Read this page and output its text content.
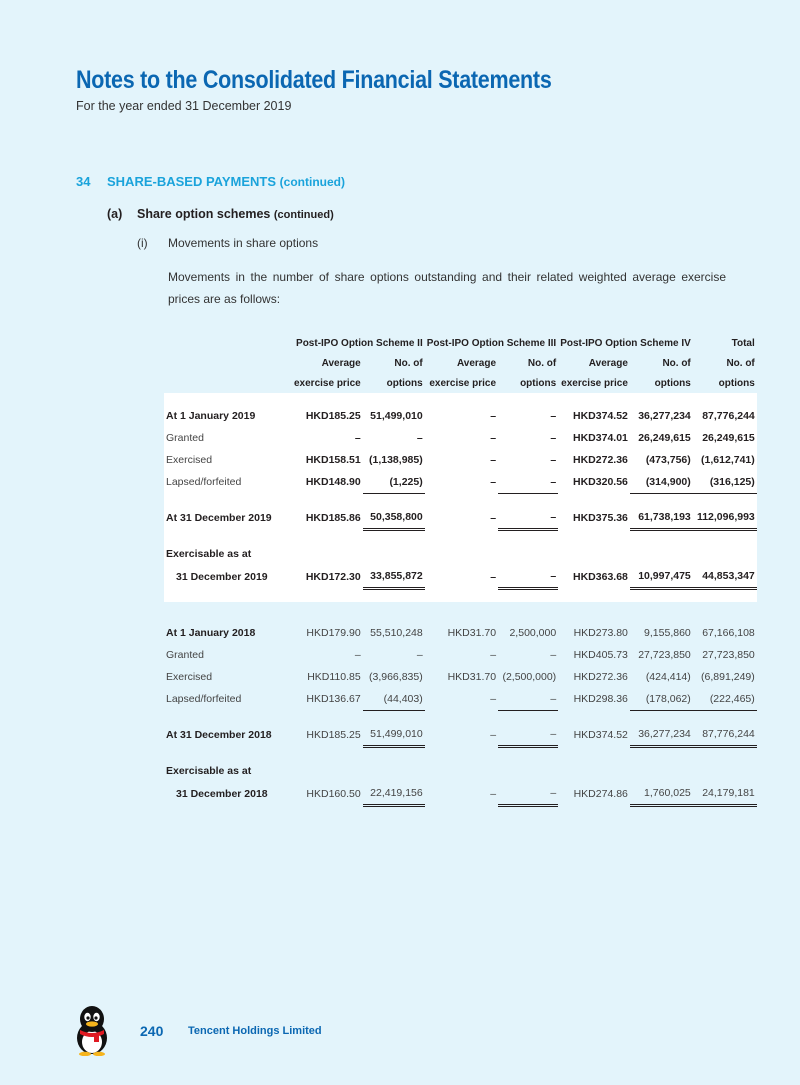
Notes to the Consolidated Financial Statements
For the year ended 31 December 2019
34 SHARE-BASED PAYMENTS (continued)
(a) Share option schemes (continued)
(i) Movements in share options
Movements in the number of share options outstanding and their related weighted average exercise prices are as follows:
	Post-IPO Option Scheme II		Post-IPO Option Scheme III		Post-IPO Option Scheme IV		Total
	Average	No. of	Average	No. of	Average	No. of	No. of
	exercise price	options	exercise price	options	exercise price	options	options

At 1 January 2019	HKD185.25	51,499,010	–	–	HKD374.52	36,277,234	87,776,244
Granted	–	–	–	–	HKD374.01	26,249,615	26,249,615
Exercised	HKD158.51	(1,138,985)	–	–	HKD272.36	(473,756)	(1,612,741)
Lapsed/forfeited	HKD148.90	(1,225)	–	–	HKD320.56	(314,900)	(316,125)

At 31 December 2019	HKD185.86	50,358,800	–	–	HKD375.36	61,738,193	112,096,993

Exercisable as at							
31 December 2019	HKD172.30	33,855,872	–	–	HKD363.68	10,997,475	44,853,347

At 1 January 2018	HKD179.90	55,510,248	HKD31.70	2,500,000	HKD273.80	9,155,860	67,166,108
Granted	–	–	–	–	HKD405.73	27,723,850	27,723,850
Exercised	HKD110.85	(3,966,835)	HKD31.70	(2,500,000)	HKD272.36	(424,414)	(6,891,249)
Lapsed/forfeited	HKD136.67	(44,403)	–	–	HKD298.36	(178,062)	(222,465)

At 31 December 2018	HKD185.25	51,499,010	–	–	HKD374.52	36,277,234	87,776,244

Exercisable as at							
31 December 2018	HKD160.50	22,419,156	–	–	HKD274.86	1,760,025	24,179,181
240 Tencent Holdings Limited
